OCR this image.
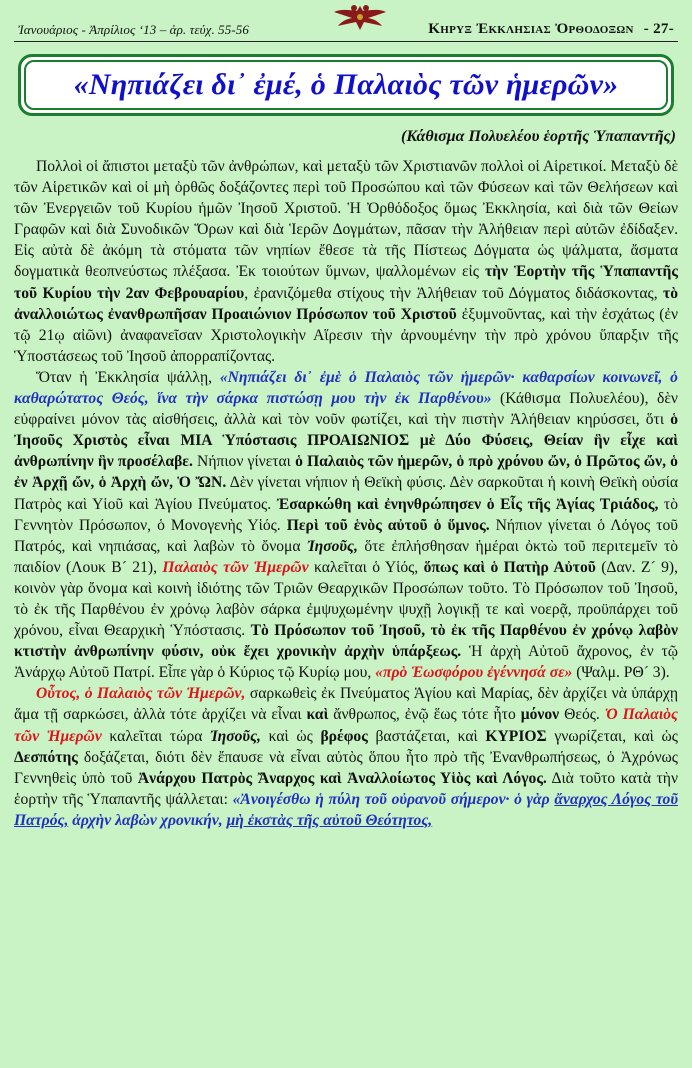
Ἰανουάριος - Ἀπρίλιος ‘13 – ἀρ. τεύχ. 55-56	Κηρυξ Ἐκκλησιας Ὀρθοδοξων - 27-
«Νηπιάζει δι᾿ ἐμέ, ὁ Παλαιὸς τῶν ἡμερῶν»
(Κάθισμα Πολυελέου ἑορτῆς Ὑπαπαντῆς)

Πολλοὶ οἱ ἄπιστοι μεταξὺ τῶν ἀνθρώπων, καὶ μεταξὺ τῶν Χριστιανῶν πολλοὶ οἱ Αἱρετικοί. Μεταξὺ δὲ τῶν Αἱρετικῶν καὶ οἱ μὴ ὀρθῶς δοξάζοντες περὶ τοῦ Προσώπου καὶ τῶν Φύσεων καὶ τῶν Θελήσεων καὶ τῶν Ἐνεργειῶν τοῦ Κυρίου ἡμῶν Ἰησοῦ Χριστοῦ. Ἡ Ὀρθόδοξος ὅμως Ἐκκλησία, καὶ διὰ τῶν Θείων Γραφῶν καὶ διὰ Συνοδικῶν Ὅρων καὶ διὰ Ἱερῶν Δογμάτων, πᾶσαν τὴν Ἀλήθειαν περὶ αὐτῶν ἐδίδαξεν. Εἰς αὐτὰ δὲ ἀκόμη τὰ στόματα τῶν νηπίων ἔθεσε τὰ τῆς Πίστεως Δόγματα ὡς ψάλματα, ἄσματα δογματικὰ θεοπνεύστως πλέξασα. Ἐκ τοιούτων ὕμνων, ψαλλομένων εἰς τὴν Ἑορτὴν τῆς Ὑπαπαντῆς τοῦ Κυρίου τὴν 2αν Φεβρουαρίου, ἐρανιζόμεθα στίχους τὴν Ἀλήθειαν τοῦ Δόγματος διδάσκοντας, τὸ ἀναλλοιώτως ἐνανθρωπῆσαν Προαιώνιον Πρόσωπον τοῦ Χριστοῦ ἐξυμνοῦντας, καὶ τὴν ἐσχάτως (ἐν τῷ 21ῳ αἰῶνι) ἀναφανεῖσαν Χριστολογικὴν Αἵρεσιν τὴν ἀρνουμένην τὴν πρὸ χρόνου ὕπαρξιν τῆς Ὑποστάσεως τοῦ Ἰησοῦ ἀπορραπίζοντας.

Ὅταν ἡ Ἐκκλησία ψάλλῃ, «Νηπιάζει δι᾿ ἐμὲ ὁ Παλαιὸς τῶν ἡμερῶν· καθαρσίων κοινωνεῖ, ὁ καθαρώτατος Θεός, ἵνα τὴν σάρκα πιστώσῃ μου τὴν ἐκ Παρθένου» (Κάθισμα Πολυελέου), δὲν εὐφραίνει μόνον τὰς αἰσθήσεις, ἀλλὰ καὶ τὸν νοῦν φωτίζει, καὶ τὴν πιστὴν Ἀλήθειαν κηρύσσει, ὅτι ὁ Ἰησοῦς Χριστὸς εἶναι ΜΙΑ Ὑπόστασις ΠΡΟΑΙΩΝΙΟΣ μὲ Δύο Φύσεις, Θείαν ἣν εἶχε καὶ ἀνθρωπίνην ἣν προσέλαβε. Νήπιον γίνεται ὁ Παλαιὸς τῶν ἡμερῶν, ὁ πρὸ χρόνου ὤν, ὁ Πρῶτος ὤν, ὁ ἐν Ἀρχῇ ὤν, ὁ Ἀρχὴ ὤν, Ὁ ὬΝ. Δὲν γίνεται νήπιον ἡ Θεϊκὴ φύσις. Δὲν σαρκοῦται ἡ κοινὴ Θεϊκὴ οὐσία Πατρὸς καὶ Υἱοῦ καὶ Ἁγίου Πνεύματος. Ἐσαρκώθη καὶ ἐνηνθρώπησεν ὁ Εἷς τῆς Ἁγίας Τριάδος, τὸ Γεννητὸν Πρόσωπον, ὁ Μονογενὴς Υἱός. Περὶ τοῦ ἑνὸς αὐτοῦ ὁ ὕμνος. Νήπιον γίνεται ὁ Λόγος τοῦ Πατρός, καὶ νηπιάσας, καὶ λαβὼν τὸ ὄνομα Ἰησοῦς, ὅτε ἐπλήσθησαν ἡμέραι ὀκτὼ τοῦ περιτεμεῖν τὸ παιδίον (Λουκ Β´ 21), Παλαιὸς τῶν Ἡμερῶν καλεῖται ὁ Υἱός, ὅπως καὶ ὁ Πατὴρ Αὐτοῦ (Δαν. Ζ´ 9), κοινὸν γὰρ ὄνομα καὶ κοινὴ ἰδιότης τῶν Τριῶν Θεαρχικῶν Προσώπων τοῦτο. Τὸ Πρόσωπον τοῦ Ἰησοῦ, τὸ ἐκ τῆς Παρθένου ἐν χρόνῳ λαβὸν σάρκα ἐμψυχωμένην ψυχῇ λογικῇ τε καὶ νοερᾷ, προϋπάρχει τοῦ χρόνου, εἶναι Θεαρχικὴ Ὑπόστασις. Τὸ Πρόσωπον τοῦ Ἰησοῦ, τὸ ἐκ τῆς Παρθένου ἐν χρόνῳ λαβὸν κτιστὴν ἀνθρωπίνην φύσιν, οὐκ ἔχει χρονικὴν ἀρχὴν ὑπάρξεως. Ἡ ἀρχὴ Αὐτοῦ ἄχρονος, ἐν τῷ Ἀνάρχῳ Αὐτοῦ Πατρί. Εἶπε γὰρ ὁ Κύριος τῷ Κυρίῳ μου, «πρὸ Ἑωσφόρου ἐγέννησά σε» (Ψαλμ. ΡΘ´ 3).

Οὗτος, ὁ Παλαιὸς τῶν Ἡμερῶν, σαρκωθεὶς ἐκ Πνεύματος Ἁγίου καὶ Μαρίας, δὲν ἀρχίζει νὰ ὑπάρχῃ ἅμα τῇ σαρκώσει, ἀλλὰ τότε ἀρχίζει νὰ εἶναι καὶ ἄνθρωπος, ἐνῷ ἕως τότε ἦτο μόνον Θεός. Ὁ Παλαιὸς τῶν Ἡμερῶν καλεῖται τώρα Ἰησοῦς, καὶ ὡς βρέφος βαστάζεται, καὶ ΚΥΡΙΟΣ γνωρίζεται, καὶ ὡς Δεσπότης δοξάζεται, διότι δὲν ἔπαυσε νὰ εἶναι αὐτὸς ὅπου ἦτο πρὸ τῆς Ἐνανθρωπήσεως, ὁ Ἀχρόνως Γεννηθεὶς ὑπὸ τοῦ Ἀνάρχου Πατρὸς Ἄναρχος καὶ Ἀναλλοίωτος Υἱὸς καὶ Λόγος. Διὰ τοῦτο κατὰ τὴν ἑορτὴν τῆς Ὑπαπαντῆς ψάλλεται: «Ἀνοιγέσθω ἡ πύλη τοῦ οὐρανοῦ σήμερον· ὁ γὰρ ἄναρχος Λόγος τοῦ Πατρός, ἀρχὴν λαβὼν χρονικήν, μὴ ἐκστὰς τῆς αὐτοῦ Θεότητος,
